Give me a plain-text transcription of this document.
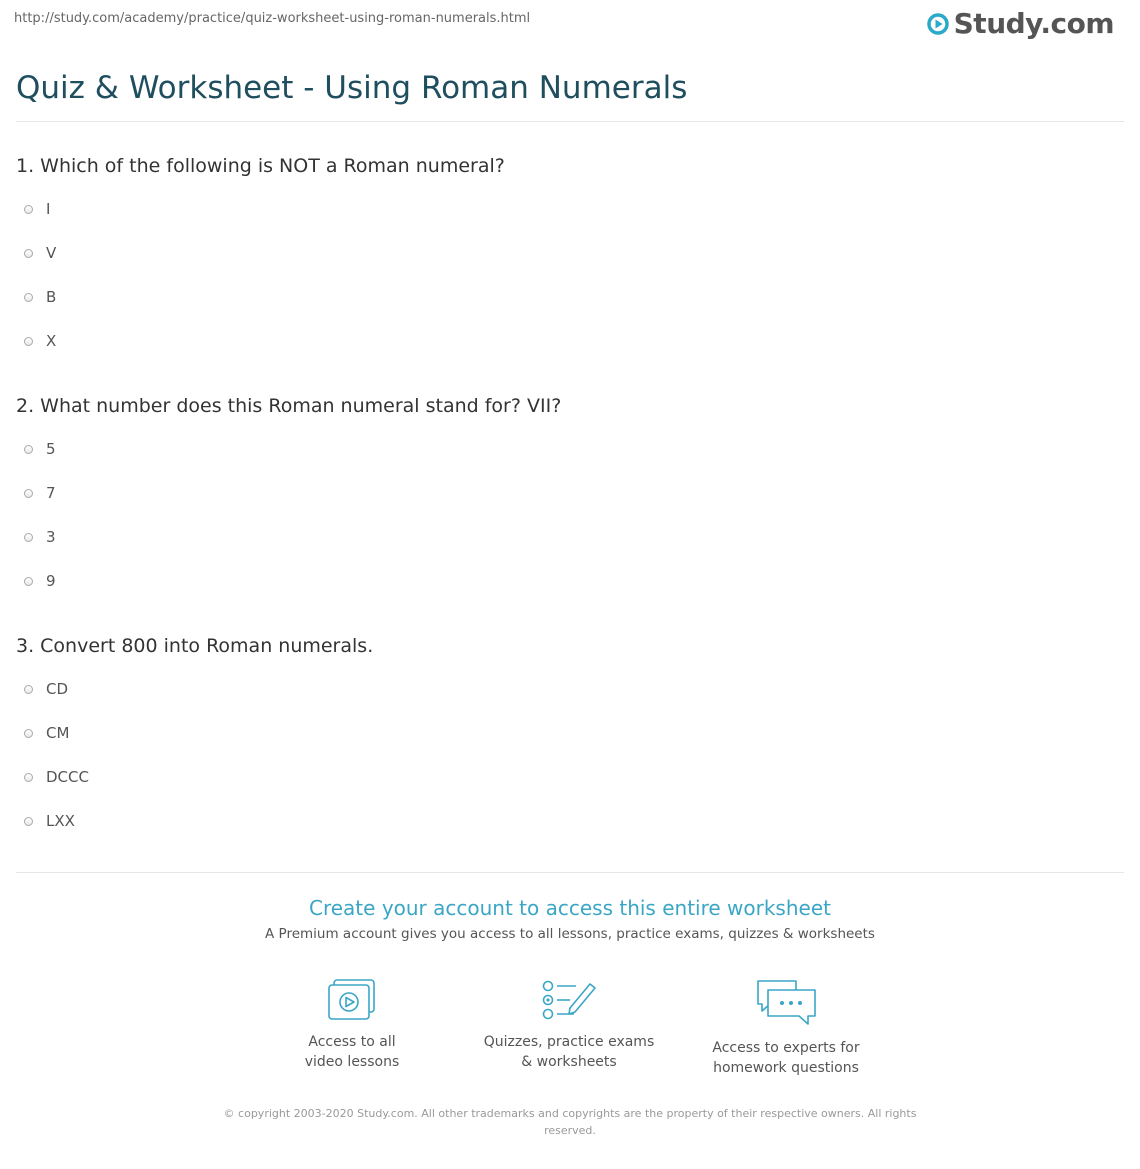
http://study.com/academy/practice/quiz-worksheet-using-roman-numerals.html	Study.com
Quiz & Worksheet - Using Roman Numerals
1. Which of the following is NOT a Roman numeral?
I
V
B
X
2. What number does this Roman numeral stand for? VII?
5
7
3
9
3. Convert 800 into Roman numerals.
CD
CM
DCCC
LXX
Create your account to access this entire worksheet
A Premium account gives you access to all lessons, practice exams, quizzes & worksheets
Access to all
video lessons
Quizzes, practice exams
& worksheets
Access to experts for
homework questions
© copyright 2003-2020 Study.com. All other trademarks and copyrights are the property of their respective owners. All rights reserved.
